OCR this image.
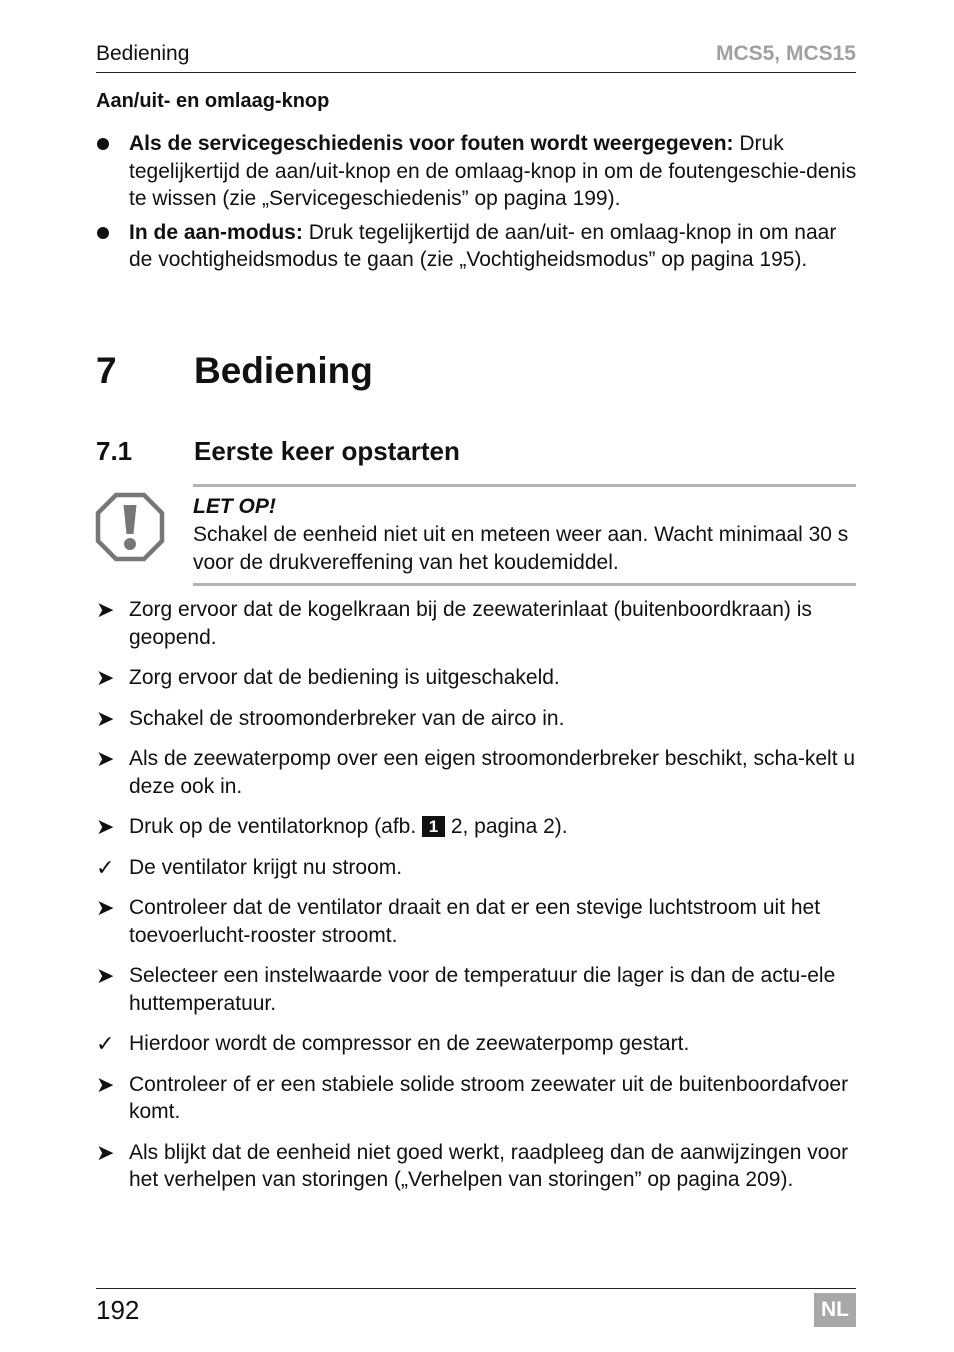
Bediening	MCS5, MCS15
Aan/uit- en omlaag-knop
Als de servicegeschiedenis voor fouten wordt weergegeven: Druk tegelijkertijd de aan/uit-knop en de omlaag-knop in om de foutengeschie-denis te wissen (zie „Servicegeschiedenis” op pagina 199).
In de aan-modus: Druk tegelijkertijd de aan/uit- en omlaag-knop in om naar de vochtigheidsmodus te gaan (zie „Vochtigheidsmodus” op pagina 195).
7 Bediening
7.1 Eerste keer opstarten
LET OP!
Schakel de eenheid niet uit en meteen weer aan. Wacht minimaal 30 s voor de drukvereffening van het koudemiddel.
➤ Zorg ervoor dat de kogelkraan bij de zeewaterinlaat (buitenboordkraan) is geopend.
➤ Zorg ervoor dat de bediening is uitgeschakeld.
➤ Schakel de stroomonderbreker van de airco in.
➤ Als de zeewaterpomp over een eigen stroomonderbreker beschikt, scha-kelt u deze ook in.
➤ Druk op de ventilatorknop (afb. 1 2, pagina 2).
✓ De ventilator krijgt nu stroom.
➤ Controleer dat de ventilator draait en dat er een stevige luchtstroom uit het toevoerlucht-rooster stroomt.
➤ Selecteer een instelwaarde voor de temperatuur die lager is dan de actu-ele huttemperatuur.
✓ Hierdoor wordt de compressor en de zeewaterpomp gestart.
➤ Controleer of er een stabiele solide stroom zeewater uit de buitenboordafvoer komt.
➤ Als blijkt dat de eenheid niet goed werkt, raadpleeg dan de aanwijzingen voor het verhelpen van storingen („Verhelpen van storingen” op pagina 209).
192	NL
